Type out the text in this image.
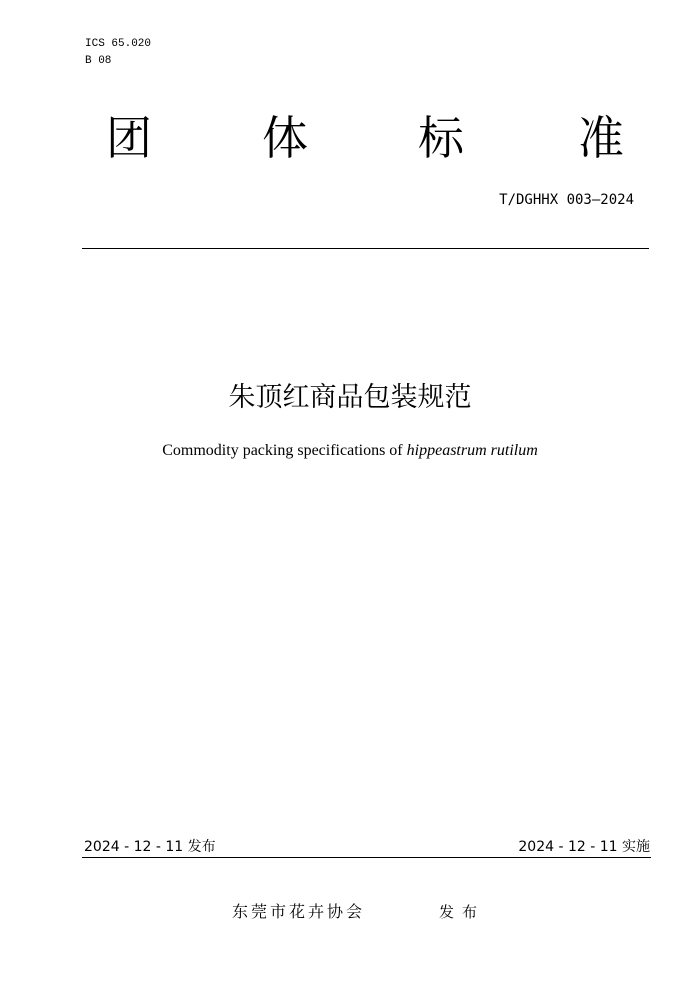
ICS 65.020
B 08
团 体 标 准
T/DGHHX 003—2024
朱顶红商品包装规范
Commodity packing specifications of hippeastrum rutilum
2024 - 12 - 11 发布	2024 - 12 - 11 实施
东莞市花卉协会	发布
